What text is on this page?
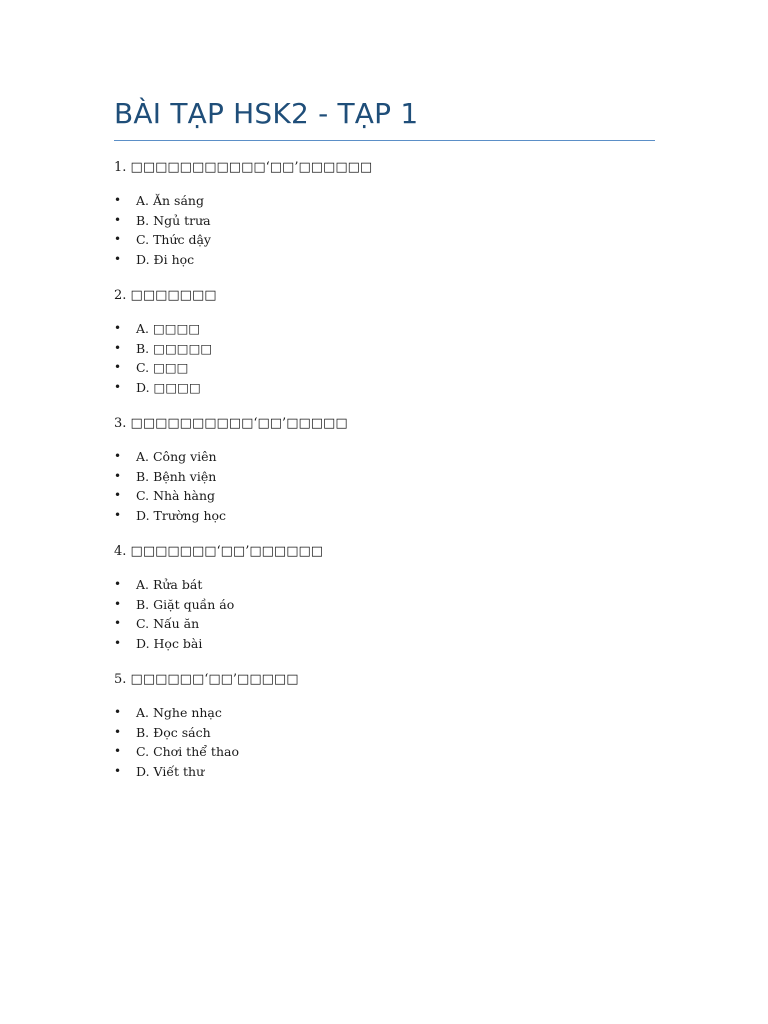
BÀI TẠP HSK2 - TẠP 1

1. □□□□□□□□□□□‘□□’□□□□□□

• A. Ăn sáng
• B. Ngủ trưa
• C. Thức dậy
• D. Đi học

2. □□□□□□□

• A. □□□□
• B. □□□□□
• C. □□□
• D. □□□□

3. □□□□□□□□□□‘□□’□□□□□

• A. Công viên
• B. Bệnh viện
• C. Nhà hàng
• D. Trường học

4. □□□□□□□‘□□’□□□□□□

• A. Rửa bát
• B. Giặt quần áo
• C. Nấu ăn
• D. Học bài

5. □□□□□□‘□□’□□□□□

• A. Nghe nhạc
• B. Đọc sách
• C. Chơi thể thao
• D. Viết thư
